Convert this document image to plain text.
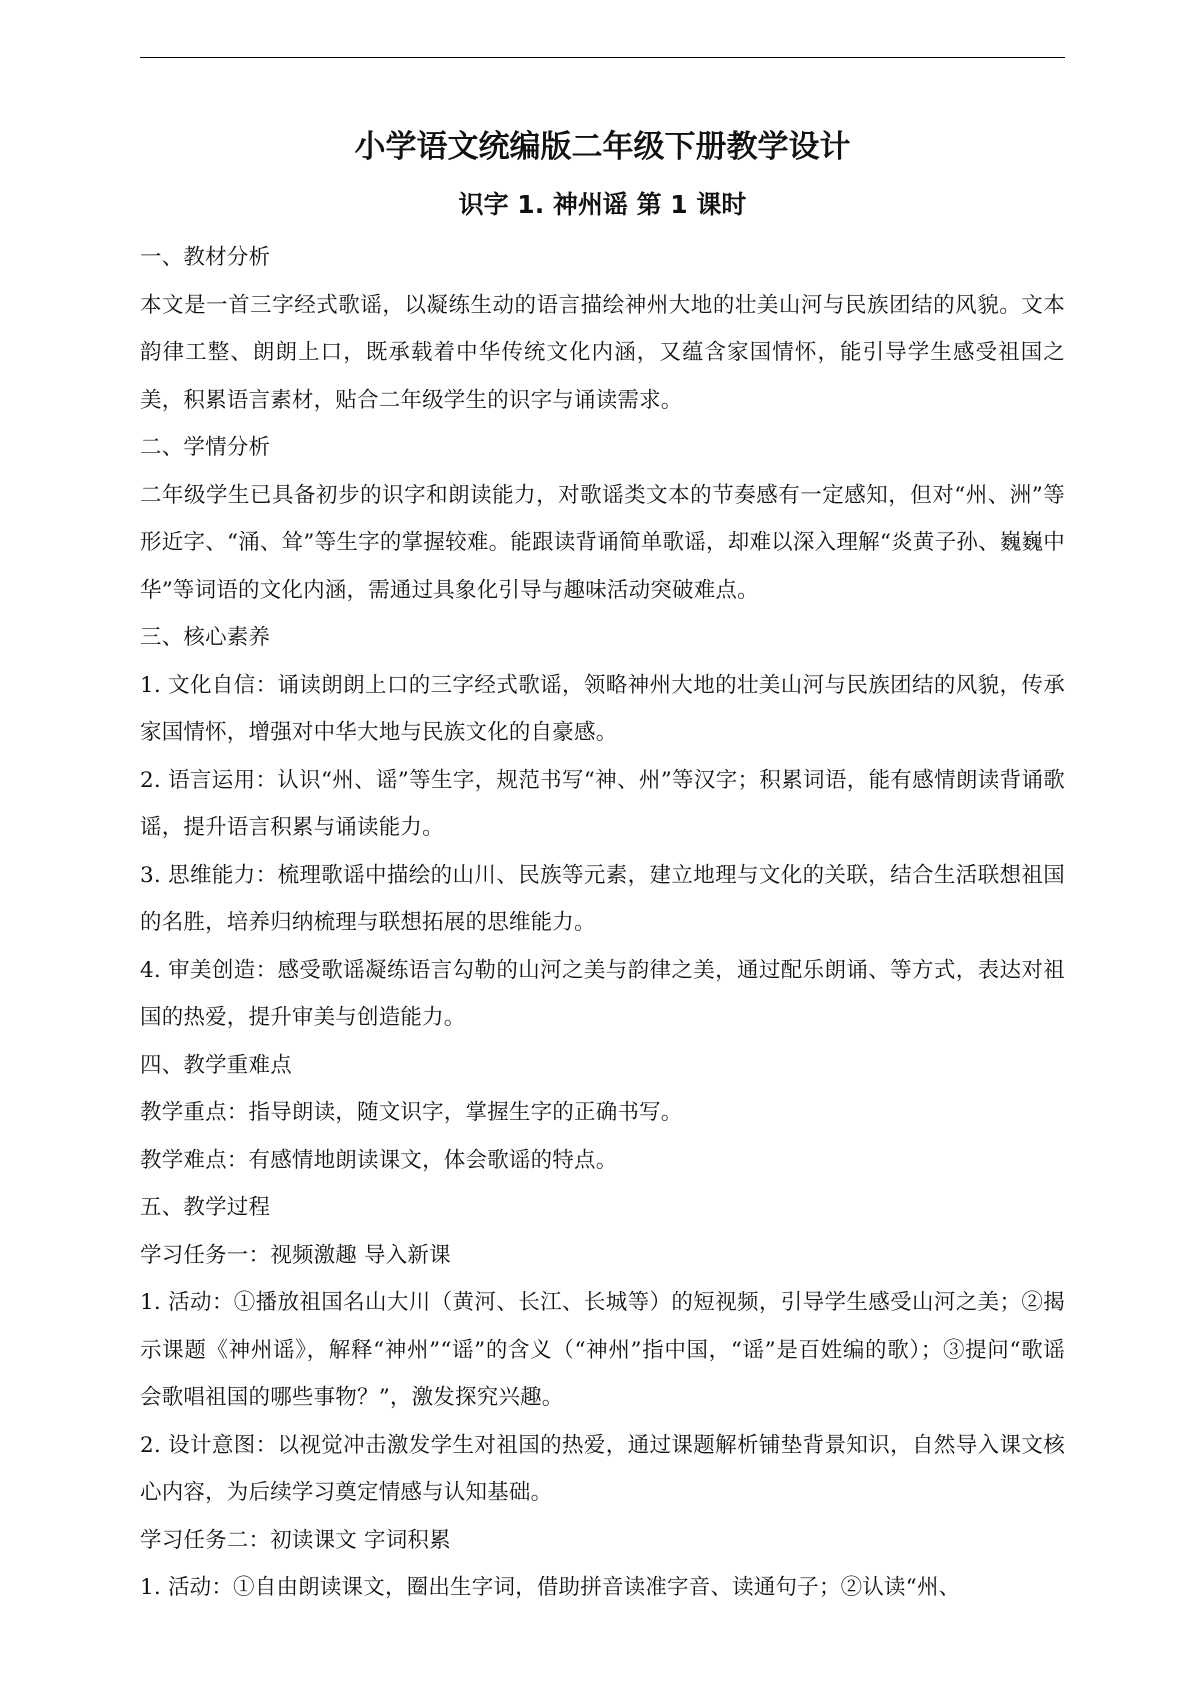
小学语文统编版二年级下册教学设计
识字 1. 神州谣 第 1 课时

一、教材分析

本文是一首三字经式歌谣，以凝练生动的语言描绘神州大地的壮美山河与民族团结的风貌。文本韵律工整、朗朗上口，既承载着中华传统文化内涵，又蕴含家国情怀，能引导学生感受祖国之美，积累语言素材，贴合二年级学生的识字与诵读需求。

二、学情分析

二年级学生已具备初步的识字和朗读能力，对歌谣类文本的节奏感有一定感知，但对“州、洲”等形近字、“涌、耸”等生字的掌握较难。能跟读背诵简单歌谣，却难以深入理解“炎黄子孙、巍巍中华”等词语的文化内涵，需通过具象化引导与趣味活动突破难点。

三、核心素养

1. 文化自信：诵读朗朗上口的三字经式歌谣，领略神州大地的壮美山河与民族团结的风貌，传承家国情怀，增强对中华大地与民族文化的自豪感。

2. 语言运用：认识“州、谣”等生字，规范书写“神、州”等汉字；积累词语，能有感情朗读背诵歌谣，提升语言积累与诵读能力。

3. 思维能力：梳理歌谣中描绘的山川、民族等元素，建立地理与文化的关联，结合生活联想祖国的名胜，培养归纳梳理与联想拓展的思维能力。

4. 审美创造：感受歌谣凝练语言勾勒的山河之美与韵律之美，通过配乐朗诵、等方式，表达对祖国的热爱，提升审美与创造能力。

四、教学重难点

教学重点：指导朗读，随文识字，掌握生字的正确书写。

教学难点：有感情地朗读课文，体会歌谣的特点。

五、教学过程

学习任务一：视频激趣 导入新课

1. 活动：①播放祖国名山大川（黄河、长江、长城等）的短视频，引导学生感受山河之美；②揭示课题《神州谣》，解释“神州”“谣”的含义（“神州”指中国，“谣”是百姓编的歌）；③提问“歌谣会歌唱祖国的哪些事物？”，激发探究兴趣。

2. 设计意图：以视觉冲击激发学生对祖国的热爱，通过课题解析铺垫背景知识，自然导入课文核心内容，为后续学习奠定情感与认知基础。

学习任务二：初读课文 字词积累

1. 活动：①自由朗读课文，圈出生字词，借助拼音读准字音、读通句子；②认读“州、
